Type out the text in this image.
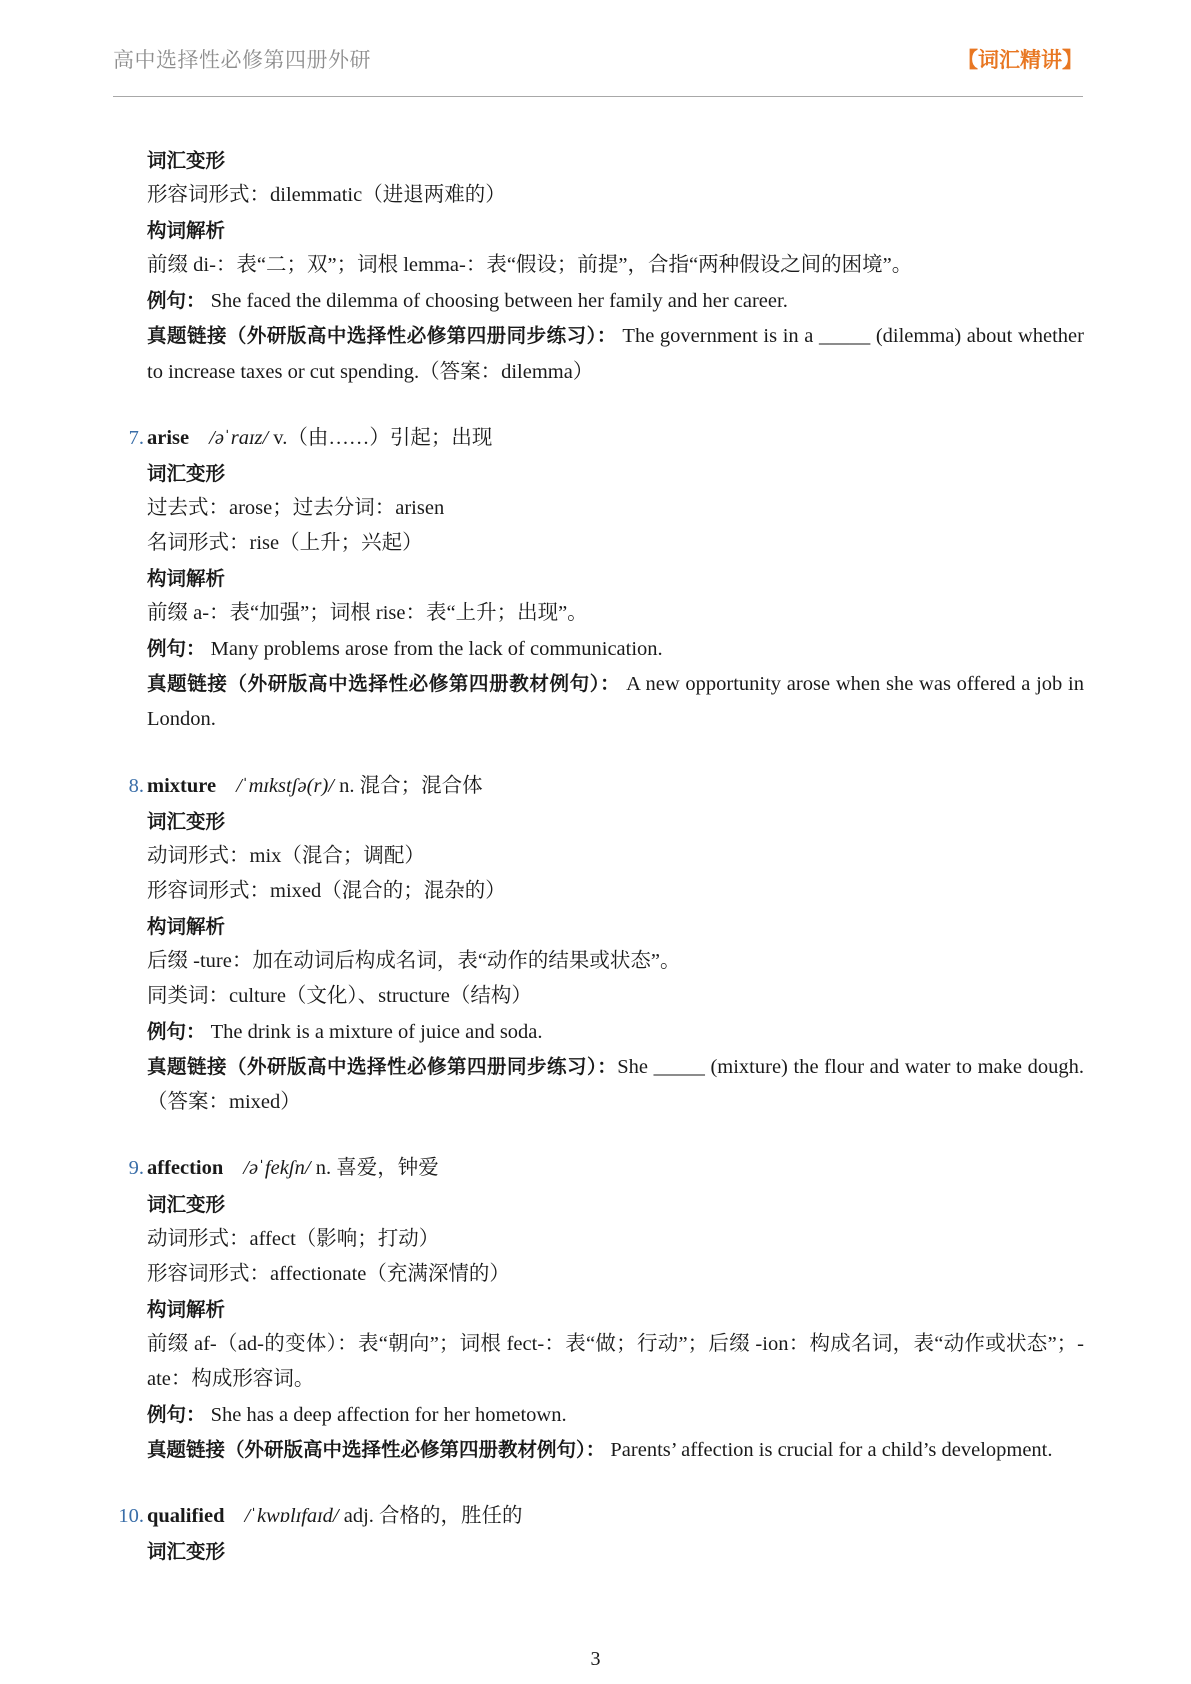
高中选择性必修第四册外研	【词汇精讲】
词汇变形
形容词形式：dilemmatic（进退两难的）
构词解析
前缀 di-：表“二；双”；词根 lemma-：表“假设；前提”，合指“两种假设之间的困境”。
例句： She faced the dilemma of choosing between her family and her career.
真题链接（外研版高中选择性必修第四册同步练习）： The government is in a _____ (dilemma) about whether to increase taxes or cut spending.（答案：dilemma）
7. arise /əˈraɪz/ v.（由……）引起；出现
词汇变形
过去式：arose；过去分词：arisen
名词形式：rise（上升；兴起）
构词解析
前缀 a-：表“加强”；词根 rise：表“上升；出现”。
例句： Many problems arose from the lack of communication.
真题链接（外研版高中选择性必修第四册教材例句）： A new opportunity arose when she was offered a job in London.
8. mixture /ˈmɪkstʃə(r)/ n. 混合；混合体
词汇变形
动词形式：mix（混合；调配）
形容词形式：mixed（混合的；混杂的）
构词解析
后缀 -ture：加在动词后构成名词，表“动作的结果或状态”。
同类词：culture（文化）、structure（结构）
例句： The drink is a mixture of juice and soda.
真题链接（外研版高中选择性必修第四册同步练习）：She _____ (mixture) the flour and water to make dough.（答案：mixed）
9. affection /əˈfekʃn/ n. 喜爱，钟爱
词汇变形
动词形式：affect（影响；打动）
形容词形式：affectionate（充满深情的）
构词解析
前缀 af-（ad-的变体）：表“朝向”；词根 fect-：表“做；行动”；后缀 -ion：构成名词，表“动作或状态”；-ate：构成形容词。
例句： She has a deep affection for her hometown.
真题链接（外研版高中选择性必修第四册教材例句）： Parents’ affection is crucial for a child’s development.
10. qualified /ˈkwɒlɪfaɪd/ adj. 合格的，胜任的
词汇变形
3
